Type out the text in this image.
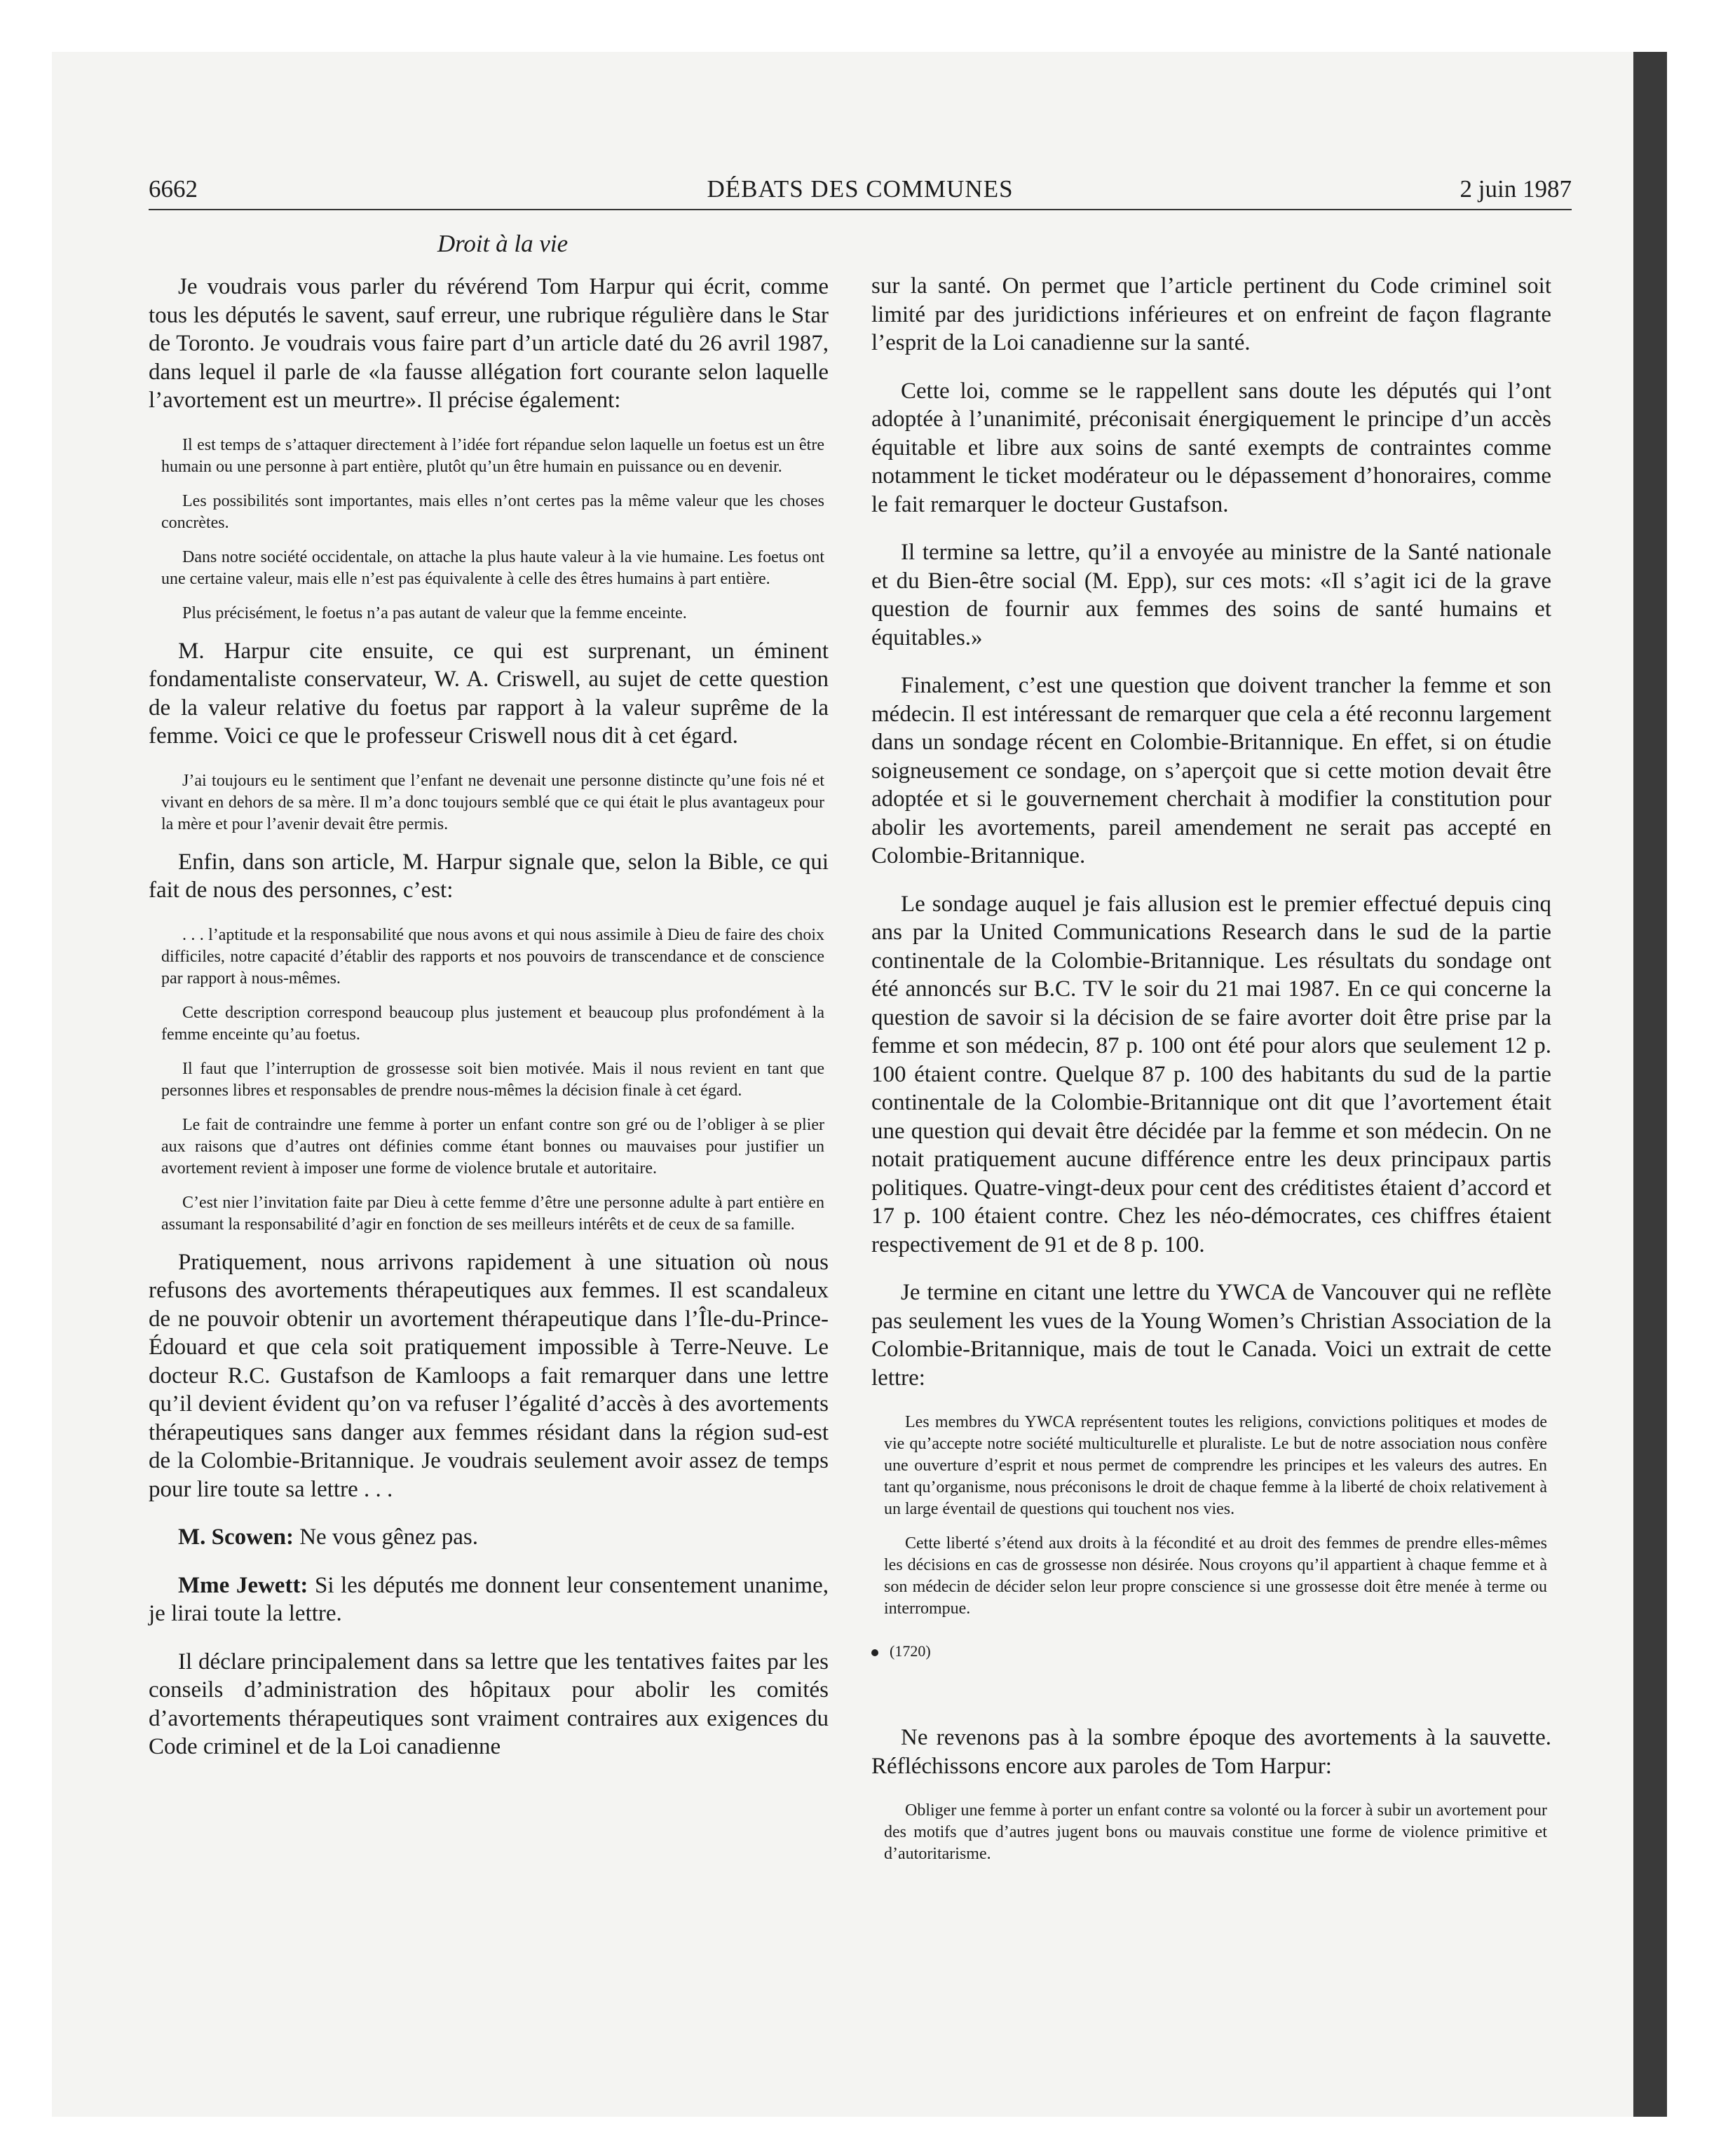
6662	DÉBATS DES COMMUNES	2 juin 1987
Droit à la vie

Je voudrais vous parler du révérend Tom Harpur qui écrit, comme tous les députés le savent, sauf erreur, une rubrique régulière dans le Star de Toronto. Je voudrais vous faire part d’un article daté du 26 avril 1987, dans lequel il parle de «la fausse allégation fort courante selon laquelle l’avortement est un meurtre». Il précise également:

Il est temps de s’attaquer directement à l’idée fort répandue selon laquelle un foetus est un être humain ou une personne à part entière, plutôt qu’un être humain en puissance ou en devenir.

Les possibilités sont importantes, mais elles n’ont certes pas la même valeur que les choses concrètes.

Dans notre société occidentale, on attache la plus haute valeur à la vie humaine. Les foetus ont une certaine valeur, mais elle n’est pas équivalente à celle des êtres humains à part entière.

Plus précisément, le foetus n’a pas autant de valeur que la femme enceinte.

M. Harpur cite ensuite, ce qui est surprenant, un éminent fondamentaliste conservateur, W. A. Criswell, au sujet de cette question de la valeur relative du foetus par rapport à la valeur suprême de la femme. Voici ce que le professeur Criswell nous dit à cet égard.

J’ai toujours eu le sentiment que l’enfant ne devenait une personne distincte qu’une fois né et vivant en dehors de sa mère. Il m’a donc toujours semblé que ce qui était le plus avantageux pour la mère et pour l’avenir devait être permis.

Enfin, dans son article, M. Harpur signale que, selon la Bible, ce qui fait de nous des personnes, c’est:

. . . l’aptitude et la responsabilité que nous avons et qui nous assimile à Dieu de faire des choix difficiles, notre capacité d’établir des rapports et nos pouvoirs de transcendance et de conscience par rapport à nous-mêmes.

Cette description correspond beaucoup plus justement et beaucoup plus profondément à la femme enceinte qu’au foetus.

Il faut que l’interruption de grossesse soit bien motivée. Mais il nous revient en tant que personnes libres et responsables de prendre nous-mêmes la décision finale à cet égard.

Le fait de contraindre une femme à porter un enfant contre son gré ou de l’obliger à se plier aux raisons que d’autres ont définies comme étant bonnes ou mauvaises pour justifier un avortement revient à imposer une forme de violence brutale et autoritaire.

C’est nier l’invitation faite par Dieu à cette femme d’être une personne adulte à part entière en assumant la responsabilité d’agir en fonction de ses meilleurs intérêts et de ceux de sa famille.

Pratiquement, nous arrivons rapidement à une situation où nous refusons des avortements thérapeutiques aux femmes. Il est scandaleux de ne pouvoir obtenir un avortement thérapeutique dans l’Île-du-Prince-Édouard et que cela soit pratiquement impossible à Terre-Neuve. Le docteur R.C. Gustafson de Kamloops a fait remarquer dans une lettre qu’il devient évident qu’on va refuser l’égalité d’accès à des avortements thérapeutiques sans danger aux femmes résidant dans la région sud-est de la Colombie-Britannique. Je voudrais seulement avoir assez de temps pour lire toute sa lettre . . .

M. Scowen: Ne vous gênez pas.

Mme Jewett: Si les députés me donnent leur consentement unanime, je lirai toute la lettre.

Il déclare principalement dans sa lettre que les tentatives faites par les conseils d’administration des hôpitaux pour abolir les comités d’avortements thérapeutiques sont vraiment contraires aux exigences du Code criminel et de la Loi canadienne

sur la santé. On permet que l’article pertinent du Code criminel soit limité par des juridictions inférieures et on enfreint de façon flagrante l’esprit de la Loi canadienne sur la santé.

Cette loi, comme se le rappellent sans doute les députés qui l’ont adoptée à l’unanimité, préconisait énergiquement le principe d’un accès équitable et libre aux soins de santé exempts de contraintes comme notamment le ticket modérateur ou le dépassement d’honoraires, comme le fait remarquer le docteur Gustafson.

Il termine sa lettre, qu’il a envoyée au ministre de la Santé nationale et du Bien-être social (M. Epp), sur ces mots: «Il s’agit ici de la grave question de fournir aux femmes des soins de santé humains et équitables.»

Finalement, c’est une question que doivent trancher la femme et son médecin. Il est intéressant de remarquer que cela a été reconnu largement dans un sondage récent en Colombie-Britannique. En effet, si on étudie soigneusement ce sondage, on s’aperçoit que si cette motion devait être adoptée et si le gouvernement cherchait à modifier la constitution pour abolir les avortements, pareil amendement ne serait pas accepté en Colombie-Britannique.

Le sondage auquel je fais allusion est le premier effectué depuis cinq ans par la United Communications Research dans le sud de la partie continentale de la Colombie-Britannique. Les résultats du sondage ont été annoncés sur B.C. TV le soir du 21 mai 1987. En ce qui concerne la question de savoir si la décision de se faire avorter doit être prise par la femme et son médecin, 87 p. 100 ont été pour alors que seulement 12 p. 100 étaient contre. Quelque 87 p. 100 des habitants du sud de la partie continentale de la Colombie-Britannique ont dit que l’avortement était une question qui devait être décidée par la femme et son médecin. On ne notait pratiquement aucune différence entre les deux principaux partis politiques. Quatre-vingt-deux pour cent des créditistes étaient d’accord et 17 p. 100 étaient contre. Chez les néo-démocrates, ces chiffres étaient respectivement de 91 et de 8 p. 100.

Je termine en citant une lettre du YWCA de Vancouver qui ne reflète pas seulement les vues de la Young Women’s Christian Association de la Colombie-Britannique, mais de tout le Canada. Voici un extrait de cette lettre:

Les membres du YWCA représentent toutes les religions, convictions politiques et modes de vie qu’accepte notre société multiculturelle et pluraliste. Le but de notre association nous confère une ouverture d’esprit et nous permet de comprendre les principes et les valeurs des autres. En tant qu’organisme, nous préconisons le droit de chaque femme à la liberté de choix relativement à un large éventail de questions qui touchent nos vies.

Cette liberté s’étend aux droits à la fécondité et au droit des femmes de prendre elles-mêmes les décisions en cas de grossesse non désirée. Nous croyons qu’il appartient à chaque femme et à son médecin de décider selon leur propre conscience si une grossesse doit être menée à terme ou interrompue.

(1720)

Ne revenons pas à la sombre époque des avortements à la sauvette. Réfléchissons encore aux paroles de Tom Harpur:

Obliger une femme à porter un enfant contre sa volonté ou la forcer à subir un avortement pour des motifs que d’autres jugent bons ou mauvais constitue une forme de violence primitive et d’autoritarisme.
